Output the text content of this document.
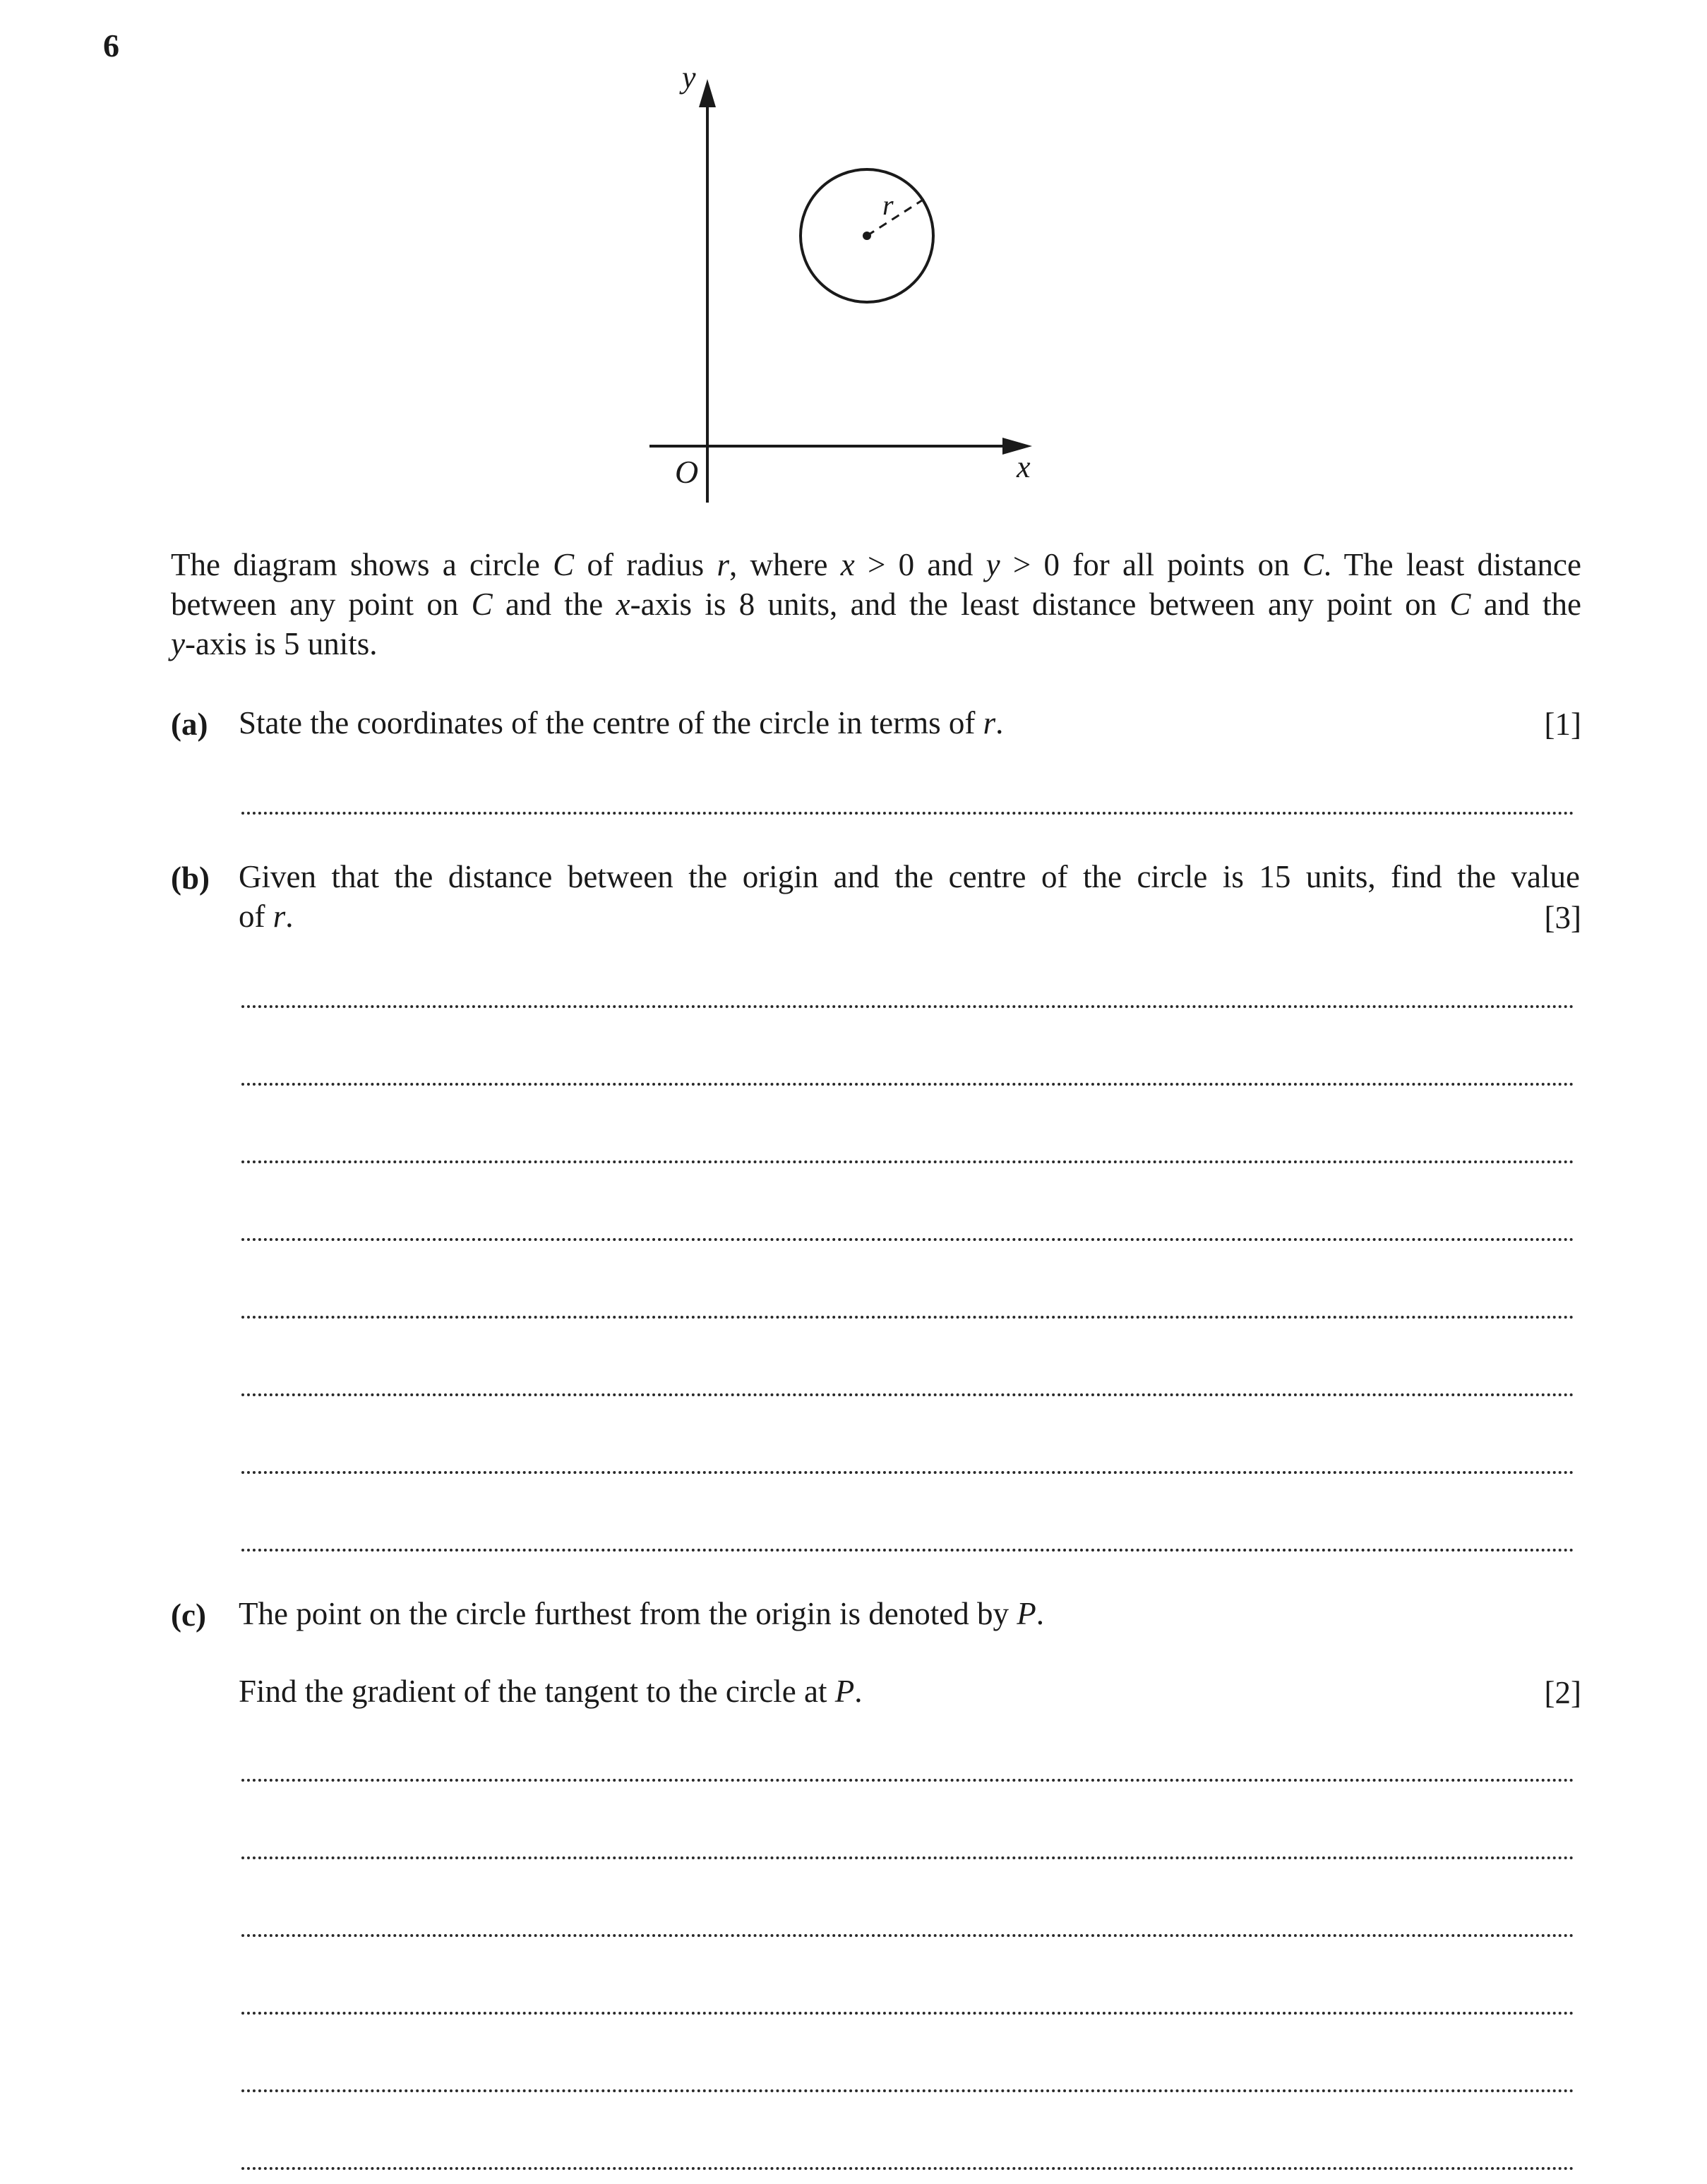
6
y
x
O
r
The diagram shows a circle C of radius r, where x > 0 and y > 0 for all points on C. The least distance
between any point on C and the x-axis is 8 units, and the least distance between any point on C and the
y-axis is 5 units.
(a) State the coordinates of the centre of the circle in terms of r.	[1]
(b) Given that the distance between the origin and the centre of the circle is 15 units, find the value
of r.	[3]
(c) The point on the circle furthest from the origin is denoted by P.
Find the gradient of the tangent to the circle at P.	[2]
